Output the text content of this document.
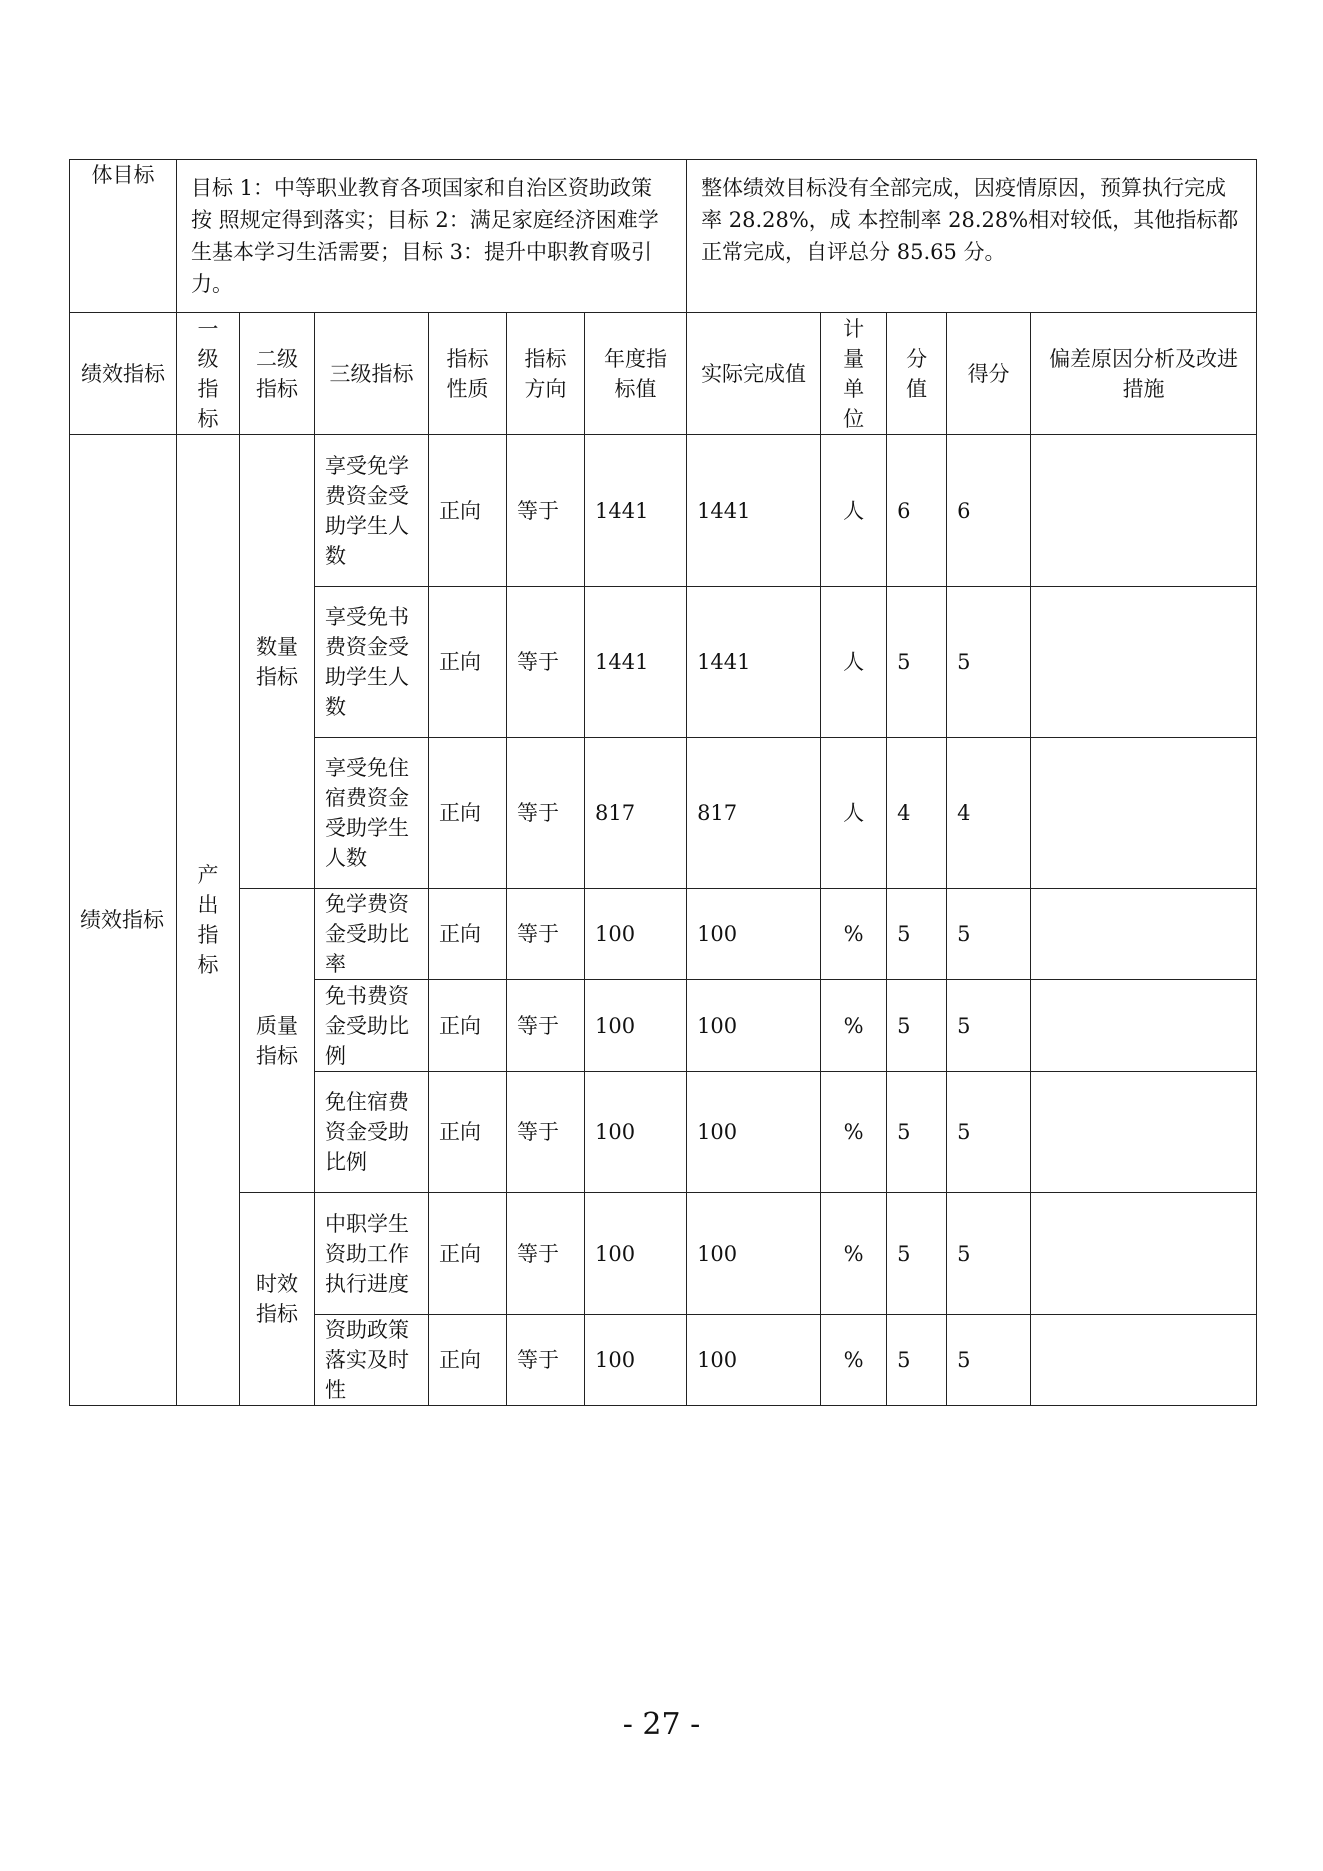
体目标	目标 1：中等职业教育各项国家和自治区资助政策按 照规定得到落实；目标 2：满足家庭经济困难学生基本学习生活需要；目标 3：提升中职教育吸引力。						整体绩效目标没有全部完成，因疫情原因，预算执行完成率 28.28%，成 本控制率 28.28%相对较低，其他指标都正常完成，自评总分 85.65 分。				
绩效指标	一级指标	二级指标	三级指标	指标性质	指标方向	年度指标值	实际完成值	计量单位	分值	得分	偏差原因分析及改进措施
绩效指标	产出指标	数量指标	享受免学费资金受助学生人数	正向	等于	1441	1441	人	6	6	
			享受免书费资金受助学生人数	正向	等于	1441	1441	人	5	5	
			享受免住宿费资金受助学生人数	正向	等于	817	817	人	4	4	
		质量指标	免学费资金受助比率	正向	等于	100	100	%	5	5	
			免书费资金受助比例	正向	等于	100	100	%	5	5	
			免住宿费资金受助比例	正向	等于	100	100	%	5	5	
		时效指标	中职学生资助工作执行进度	正向	等于	100	100	%	5	5	
			资助政策落实及时性	正向	等于	100	100	%	5	5	
- 27 -
